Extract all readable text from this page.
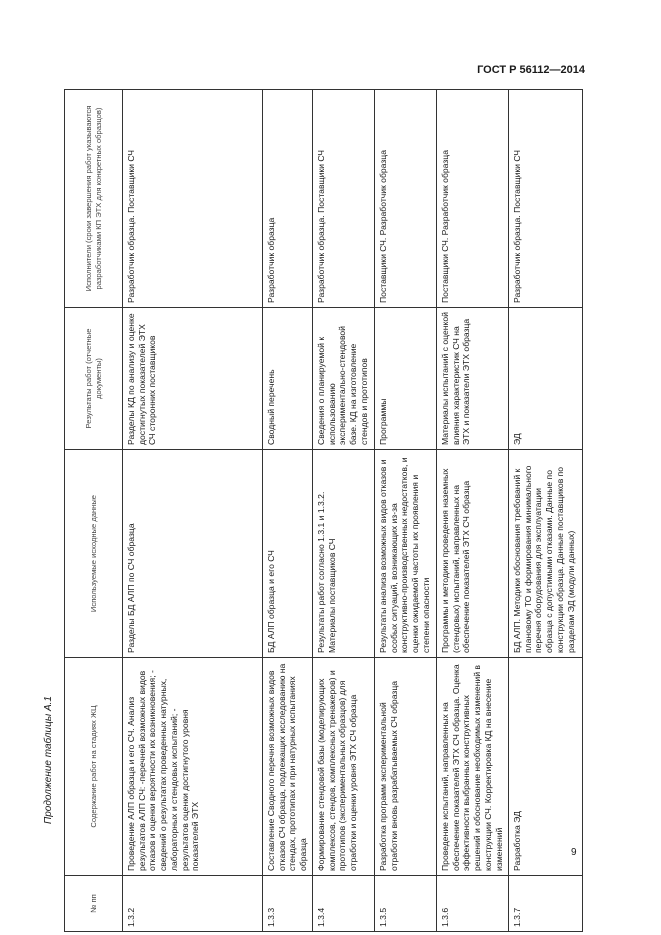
ГОСТ Р 56112—2014
Продолжение таблицы А.1
№ пп	Содержание работ на стадиях ЖЦ	Используемые исходные данные	Результаты работ (отчетные документы)	Исполнители (сроки завершения работ указываются разработчиками КП ЭТХ для конкретных образцов)
1.3.2	Проведение АЛП образца и его СЧ. Анализ результатов АЛП СЧ: -перечней возможных видов отказов и оценки вероятности их возникновения; - сведений о результатах проведенных натурных, лабораторных и стендовых испытаний; - результатов оценки достигнутого уровня показателей ЭТХ	Разделы БД АЛП по СЧ образца	Разделы КД по анализу и оценке достигнутых показателей ЭТХ СЧ сторонних поставщиков	Разработчик образца. Поставщики СЧ
1.3.3	Составление Сводного перечня возможных видов отказов СЧ образца, подлежащих исследованию на стендах, прототипах и при натурных испытаниях образца	БД АЛП образца и его СЧ	Сводный перечень	Разработчик образца
1.3.4	Формирование стендовой базы (моделирующих комплексов, стендов, комплексных тренажеров) и прототипов (экспериментальных образцов) для отработки и оценки уровня ЭТХ СЧ образца	Результаты работ согласно 1.3.1 и 1.3.2. Материалы поставщиков СЧ	Сведения о планируемой к использованию экспериментально-стендовой базе. КД на изготовление стендов и прототипов	Разработчик образца. Поставщики СЧ
1.3.5	Разработка программ экспериментальной отработки вновь разрабатываемых СЧ образца	Результаты анализа возможных видов отказов и особых ситуаций, возникающих из-за конструктивно-производственных недостатков, и оценки ожидаемой частоты их проявления и степени опасности	Программы	Поставщики СЧ. Разработчик образца
1.3.6	Проведение испытаний, направленных на обеспечение показателей ЭТХ СЧ образца. Оценка эффективности выбранных конструктивных решений и обоснование необходимых изменений в конструкции СЧ. Корректировка КД на внесение изменений	Программы и методики проведения наземных (стендовых) испытаний, направленных на обеспечение показателей ЭТХ СЧ образца	Материалы испытаний с оценкой влияния характеристик СЧ на ЭТХ и показатели ЭТХ образца	Поставщики СЧ. Разработчик образца
1.3.7	Разработка ЭД	БД АЛП. Методики обоснования требований к плановому ТО и формирования минимального перечня оборудования для эксплуатации образца с допустимыми отказами. Данные по конструкции образца. Данные поставщиков по разделам ЭД (модули данных)	ЭД	Разработчик образца. Поставщики СЧ
9
